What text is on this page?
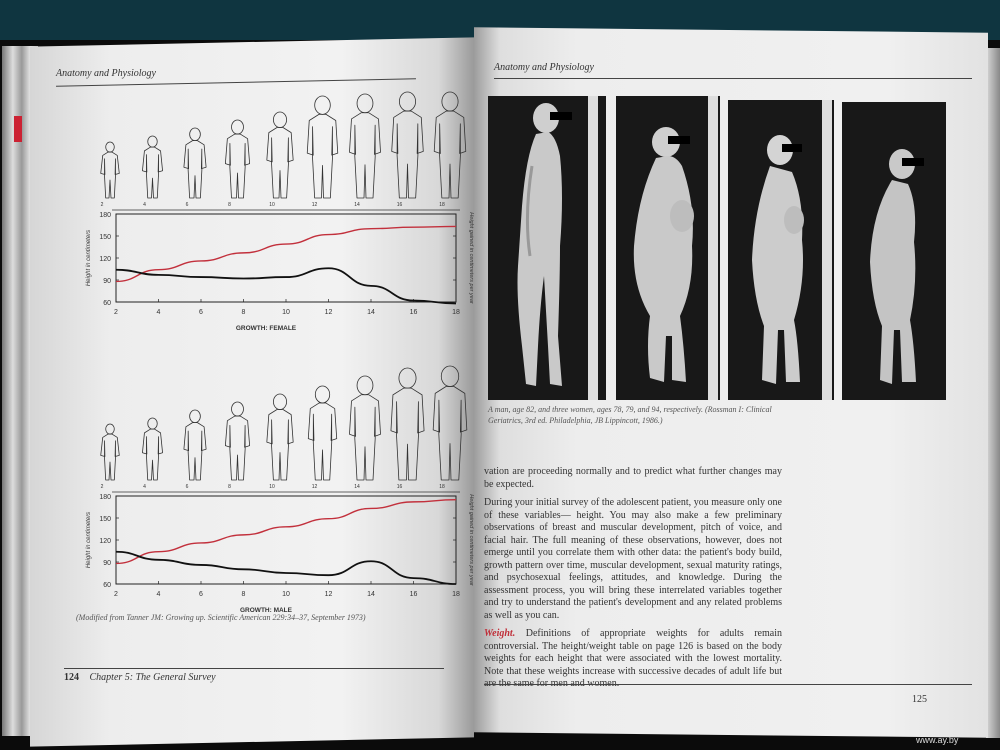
Anatomy and Physiology
2	4	6	8	10	12	14	16	18
180
150
120
90
60
2	4	6	8	10	12	14	16	18
GROWTH: FEMALE
Height in centimeters	Height gained in centimeters per year
2	4	6	8	10	12	14	16	18
180
150
120
90
60
2	4	6	8	10	12	14	16	18
GROWTH: MALE
Height in centimeters	Height gained in centimeters per year
(Modified from Tanner JM: Growing up. Scientific American 229:34–37, September 1973)
124 Chapter 5: The General Survey
Anatomy and Physiology
A man, age 82, and three women, ages 78, 79, and 94, respectively. (Rossman I: Clinical Geriatrics, 3rd ed. Philadelphia, JB Lippincott, 1986.)

vation are proceeding normally and to predict what further changes may be expected.

During your initial survey of the adolescent patient, you measure only one of these variables— height. You may also make a few preliminary observations of breast and muscular development, pitch of voice, and facial hair. The full meaning of these observations, however, does not emerge until you correlate them with other data: the patient's body build, growth pattern over time, muscular development, sexual maturity ratings, and psychosexual feelings, attitudes, and knowledge. During the assessment process, you will bring these interrelated variables together and try to understand the patient's development and any related problems as well as you can.

Weight. Definitions of appropriate weights for adults remain controversial. The height/weight table on page 126 is based on the body weights for each height that were associated with the lowest mortality. Note that these weights increase with successive decades of adult life but

125
www.ay.by
